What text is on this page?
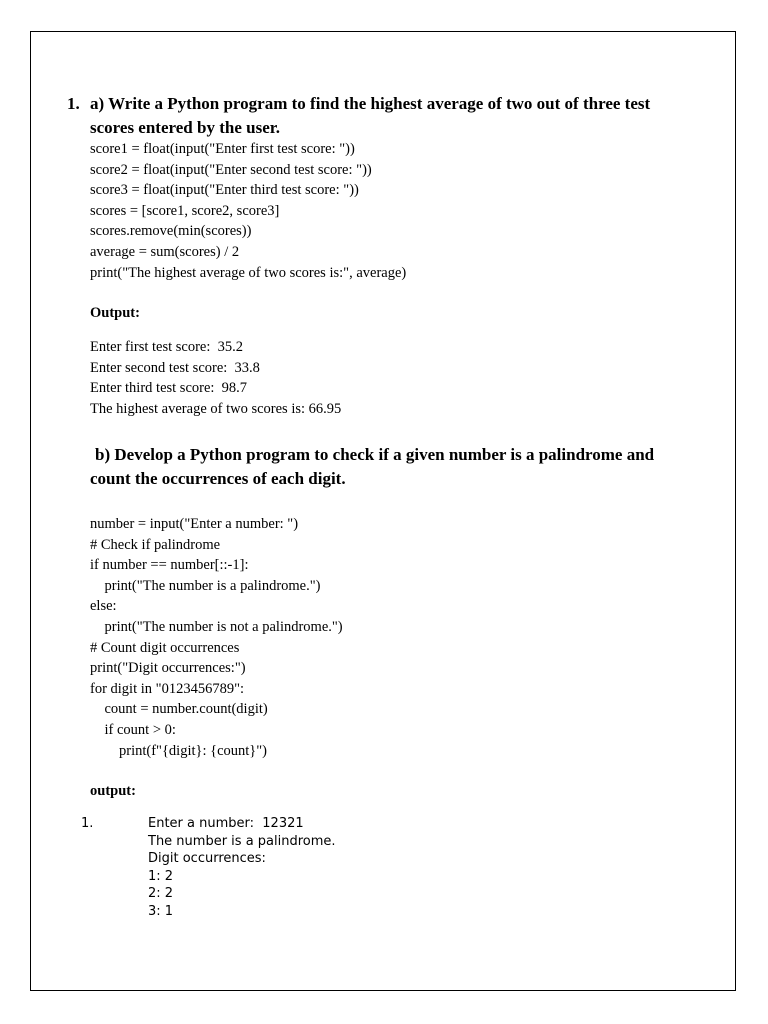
1. a) Write a Python program to find the highest average of two out of three test
scores entered by the user.
score1 = float(input("Enter first test score: "))
score2 = float(input("Enter second test score: "))
score3 = float(input("Enter third test score: "))
scores = [score1, score2, score3]
scores.remove(min(scores))
average = sum(scores) / 2
print("The highest average of two scores is:", average)
Output:
Enter first test score:  35.2
Enter second test score:  33.8
Enter third test score:  98.7
The highest average of two scores is: 66.95
b) Develop a Python program to check if a given number is a palindrome and
count the occurrences of each digit.
number = input("Enter a number: ")
# Check if palindrome
if number == number[::-1]:
print("The number is a palindrome.")
else:
print("The number is not a palindrome.")
# Count digit occurrences
print("Digit occurrences:")
for digit in "0123456789":
count = number.count(digit)
if count > 0:
print(f"{digit}: {count}")
output:
1.	Enter a number:  12321
The number is a palindrome.
Digit occurrences:
1: 2
2: 2
3: 1
